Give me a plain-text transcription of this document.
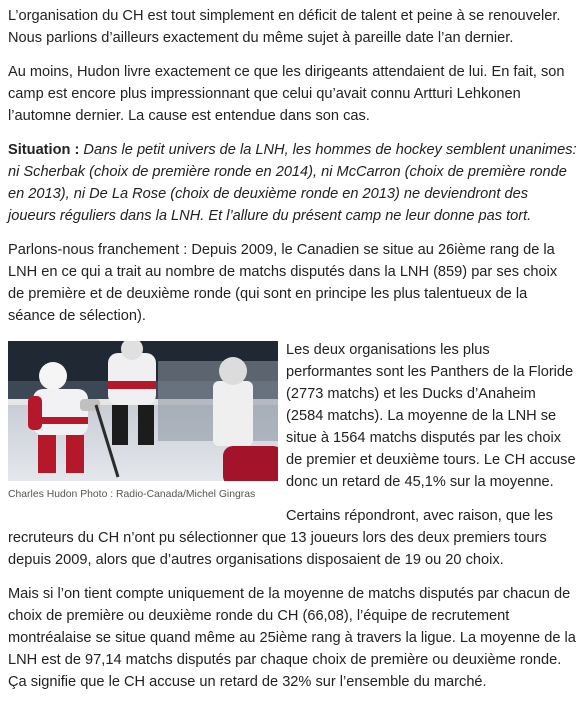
L’organisation du CH est tout simplement en déficit de talent et peine à se renouveler. Nous parlions d’ailleurs exactement du même sujet à pareille date l’an dernier.

Au moins, Hudon livre exactement ce que les dirigeants attendaient de lui. En fait, son camp est encore plus impressionnant que celui qu’avait connu Artturi Lehkonen l’automne dernier. La cause est entendue dans son cas.

Situation : Dans le petit univers de la LNH, les hommes de hockey semblent unanimes: ni Scherbak (choix de première ronde en 2014), ni McCarron (choix de première ronde en 2013), ni De La Rose (choix de deuxième ronde en 2013) ne deviendront des joueurs réguliers dans la LNH. Et l’allure du présent camp ne leur donne pas tort.

Parlons-nous franchement : Depuis 2009, le Canadien se situe au 26ième rang de la LNH en ce qui a trait au nombre de matchs disputés dans la LNH (859) par ses choix de première et de deuxième ronde (qui sont en principe les plus talentueux de la séance de sélection).

Charles Hudon Photo : Radio-Canada/Michel Gingras

Les deux organisations les plus performantes sont les Panthers de la Floride (2773 matchs) et les Ducks d’Anaheim (2584 matchs). La moyenne de la LNH se situe à 1564 matchs disputés par les choix de premier et deuxième tours. Le CH accuse donc un retard de 45,1% sur la moyenne.

Certains répondront, avec raison, que les recruteurs du CH n’ont pu sélectionner que 13 joueurs lors des deux premiers tours depuis 2009, alors que d’autres organisations disposaient de 19 ou 20 choix.

Mais si l’on tient compte uniquement de la moyenne de matchs disputés par chacun de choix de première ou deuxième ronde du CH (66,08), l’équipe de recrutement montréalaise se situe quand même au 25ième rang à travers la ligue. La moyenne de la LNH est de 97,14 matchs disputés par chaque choix de première ou deuxième ronde. Ça signifie que le CH accuse un retard de 32% sur l’ensemble du marché.
